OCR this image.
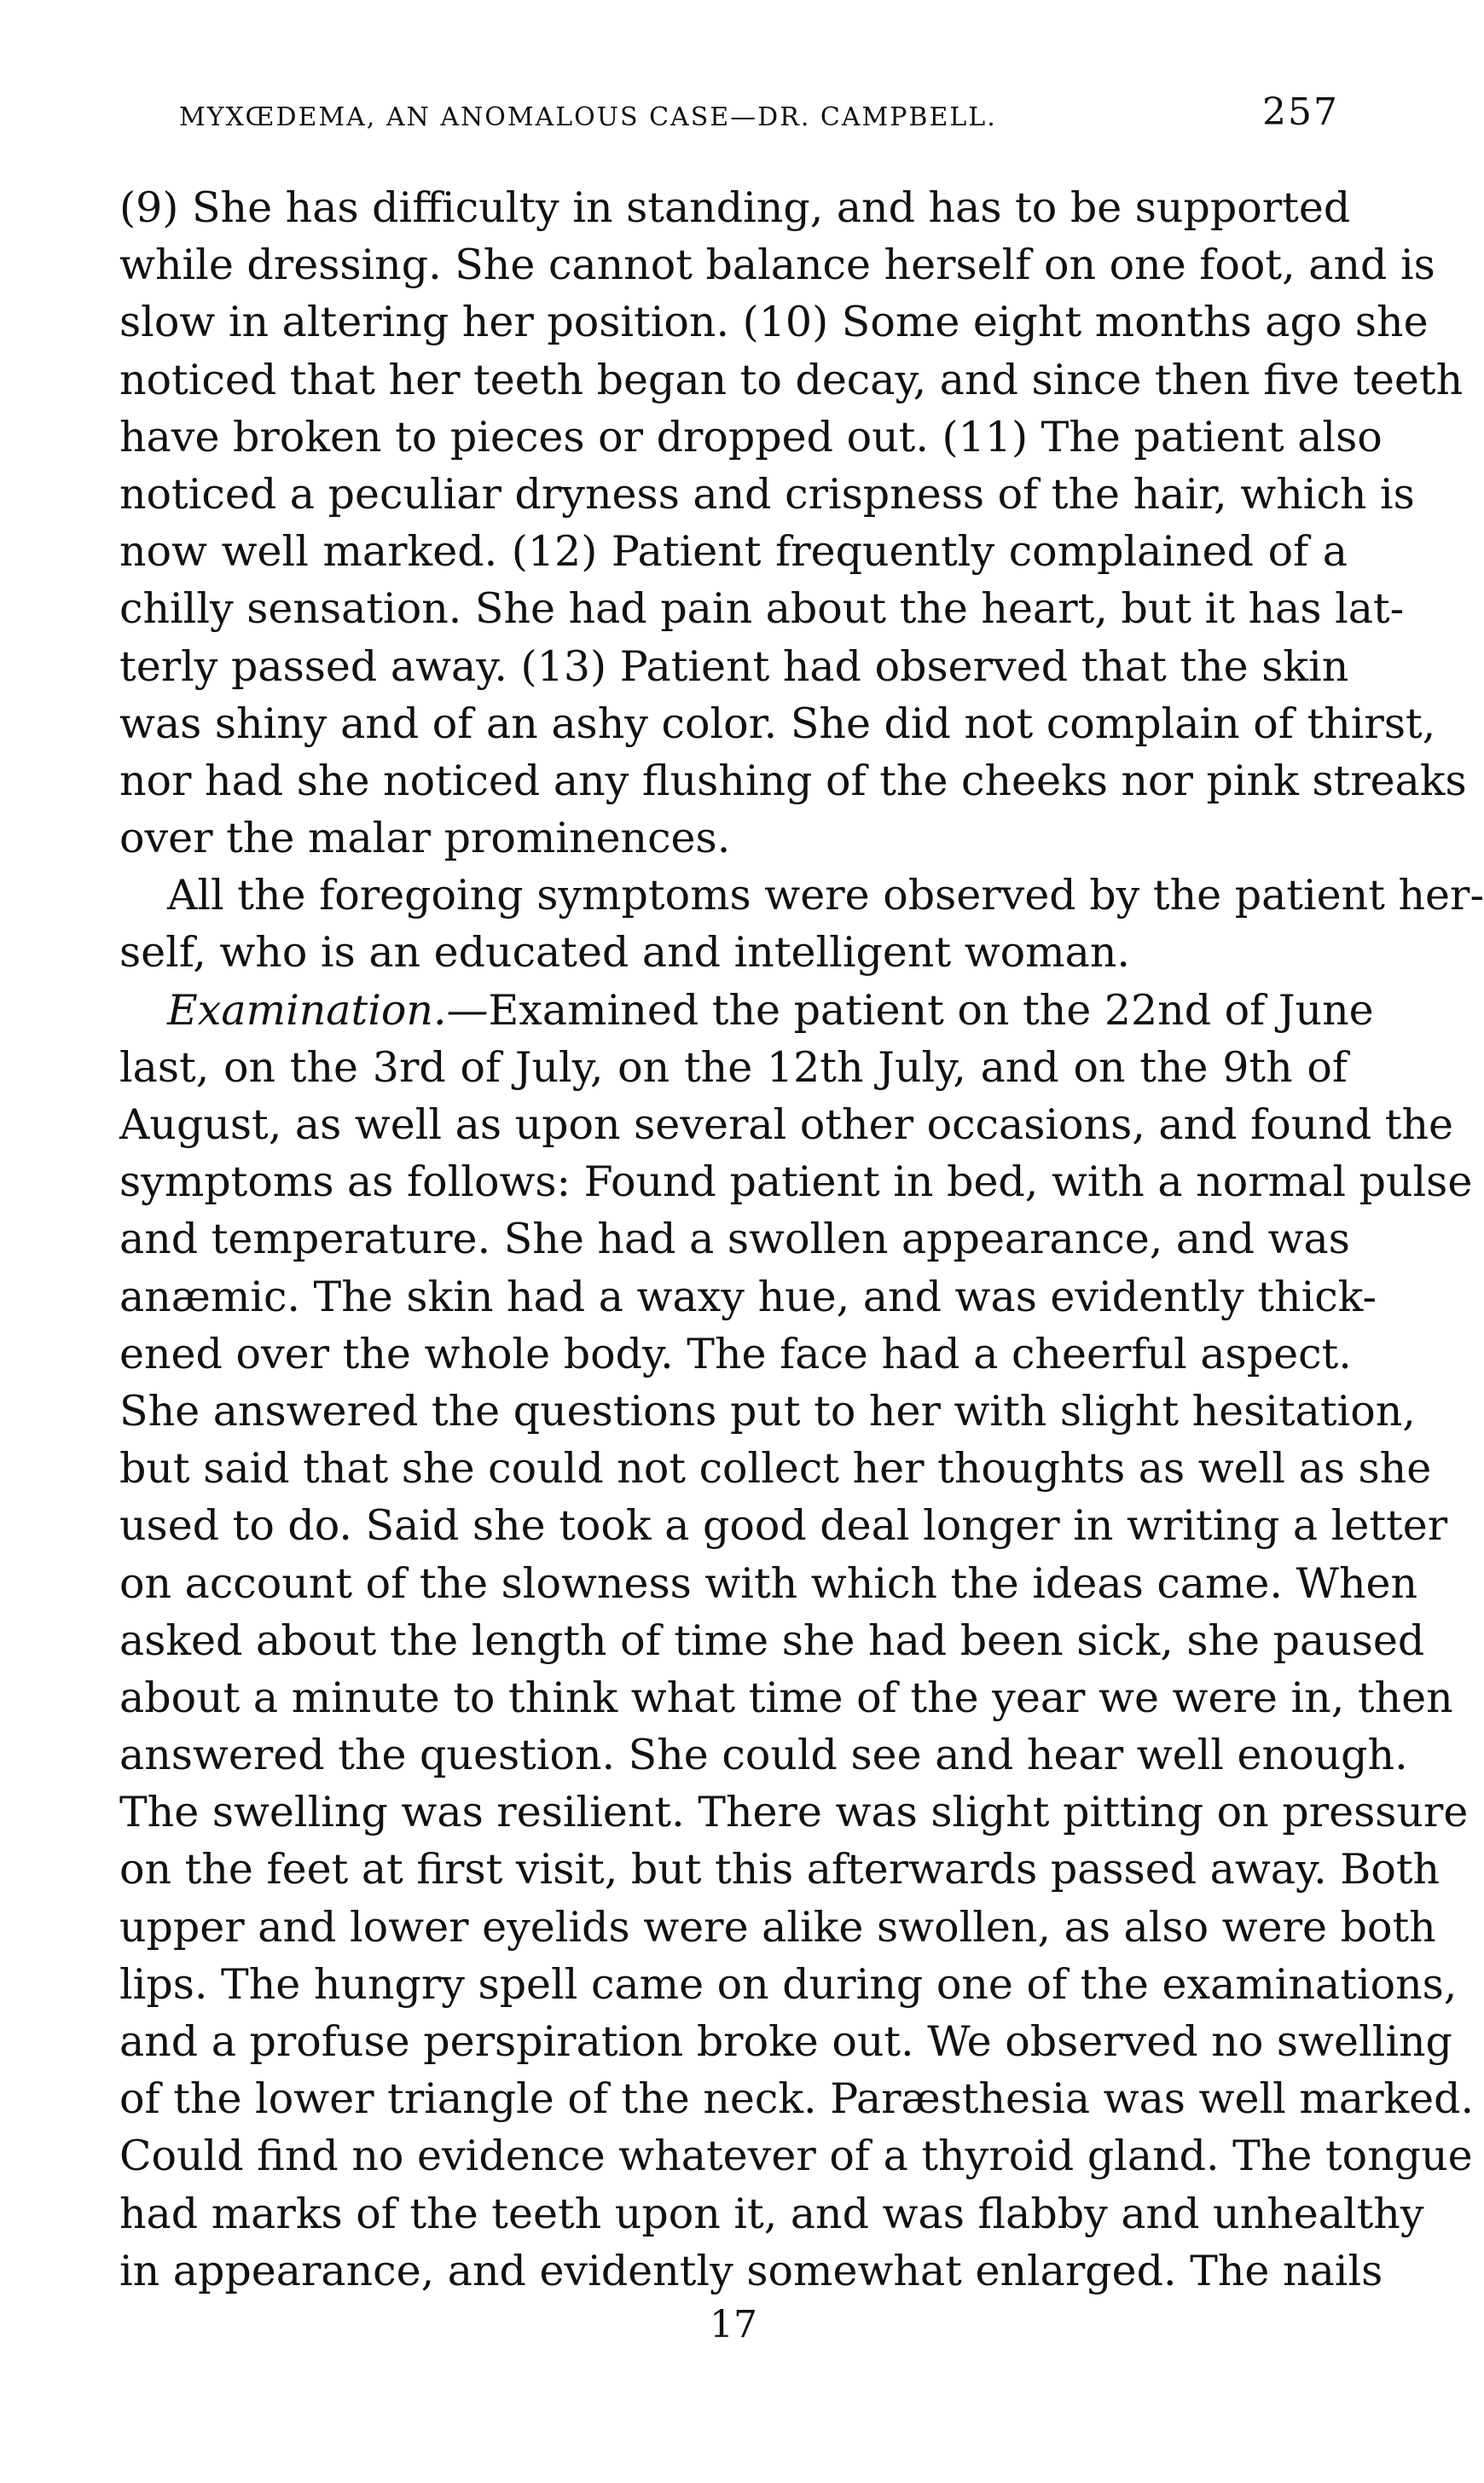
MYXŒDEMA, AN ANOMALOUS CASE—DR. CAMPBELL.	257
(9) She has difficulty in standing, and has to be supported
while dressing. She cannot balance herself on one foot, and is
slow in altering her position. (10) Some eight months ago she
noticed that her teeth began to decay, and since then five teeth
have broken to pieces or dropped out. (11) The patient also
noticed a peculiar dryness and crispness of the hair, which is
now well marked. (12) Patient frequently complained of a
chilly sensation. She had pain about the heart, but it has lat-
terly passed away. (13) Patient had observed that the skin
was shiny and of an ashy color. She did not complain of thirst,
nor had she noticed any flushing of the cheeks nor pink streaks
over the malar prominences.
All the foregoing symptoms were observed by the patient her-
self, who is an educated and intelligent woman.
Examination.—Examined the patient on the 22nd of June
last, on the 3rd of July, on the 12th July, and on the 9th of
August, as well as upon several other occasions, and found the
symptoms as follows: Found patient in bed, with a normal pulse
and temperature. She had a swollen appearance, and was
anæmic. The skin had a waxy hue, and was evidently thick-
ened over the whole body. The face had a cheerful aspect.
She answered the questions put to her with slight hesitation,
but said that she could not collect her thoughts as well as she
used to do. Said she took a good deal longer in writing a letter
on account of the slowness with which the ideas came. When
asked about the length of time she had been sick, she paused
about a minute to think what time of the year we were in, then
answered the question. She could see and hear well enough.
The swelling was resilient. There was slight pitting on pressure
on the feet at first visit, but this afterwards passed away. Both
upper and lower eyelids were alike swollen, as also were both
lips. The hungry spell came on during one of the examinations,
and a profuse perspiration broke out. We observed no swelling
of the lower triangle of the neck. Paræsthesia was well marked.
Could find no evidence whatever of a thyroid gland. The tongue
had marks of the teeth upon it, and was flabby and unhealthy
in appearance, and evidently somewhat enlarged. The nails
17
